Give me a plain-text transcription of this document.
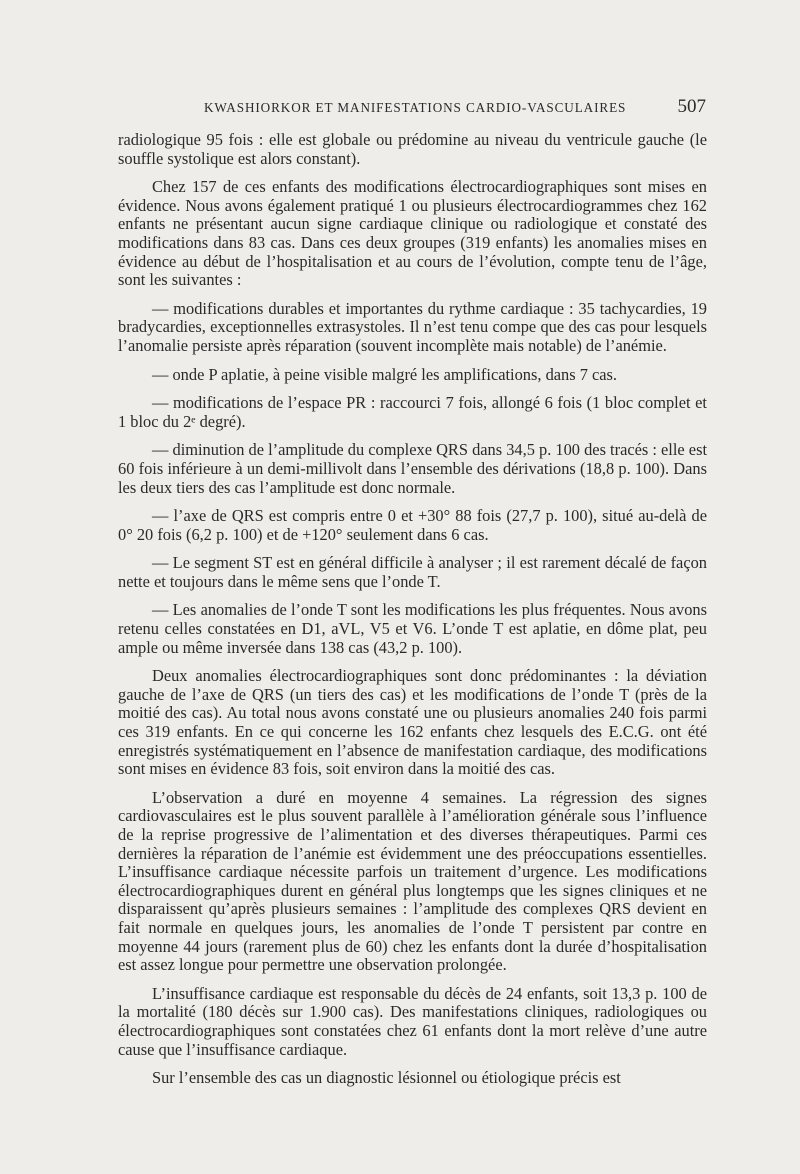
KWASHIORKOR ET MANIFESTATIONS CARDIO-VASCULAIRES	507

radiologique 95 fois : elle est globale ou prédomine au niveau du ventricule gauche (le souffle systolique est alors constant).

Chez 157 de ces enfants des modifications électrocardiographiques sont mises en évidence. Nous avons également pratiqué 1 ou plusieurs électrocardiogrammes chez 162 enfants ne présentant aucun signe cardiaque clinique ou radiologique et constaté des modifications dans 83 cas. Dans ces deux groupes (319 enfants) les anomalies mises en évidence au début de l’hospitalisation et au cours de l’évolution, compte tenu de l’âge, sont les suivantes :

— modifications durables et importantes du rythme cardiaque : 35 tachycardies, 19 bradycardies, exceptionnelles extrasystoles. Il n’est tenu compe que des cas pour lesquels l’anomalie persiste après réparation (souvent incomplète mais notable) de l’anémie.

— onde P aplatie, à peine visible malgré les amplifications, dans 7 cas.

— modifications de l’espace PR : raccourci 7 fois, allongé 6 fois (1 bloc complet et 1 bloc du 2ᵉ degré).

— diminution de l’amplitude du complexe QRS dans 34,5 p. 100 des tracés : elle est 60 fois inférieure à un demi-millivolt dans l’ensemble des dérivations (18,8 p. 100). Dans les deux tiers des cas l’amplitude est donc normale.

— l’axe de QRS est compris entre 0 et +30° 88 fois (27,7 p. 100), situé au-delà de 0° 20 fois (6,2 p. 100) et de +120° seulement dans 6 cas.

— Le segment ST est en général difficile à analyser ; il est rarement décalé de façon nette et toujours dans le même sens que l’onde T.

— Les anomalies de l’onde T sont les modifications les plus fréquentes. Nous avons retenu celles constatées en D1, aVL, V5 et V6. L’onde T est aplatie, en dôme plat, peu ample ou même inversée dans 138 cas (43,2 p. 100).

Deux anomalies électrocardiographiques sont donc prédominantes : la déviation gauche de l’axe de QRS (un tiers des cas) et les modifications de l’onde T (près de la moitié des cas). Au total nous avons constaté une ou plusieurs anomalies 240 fois parmi ces 319 enfants. En ce qui concerne les 162 enfants chez lesquels des E.C.G. ont été enregistrés systématiquement en l’absence de manifestation cardiaque, des modifications sont mises en évidence 83 fois, soit environ dans la moitié des cas.

L’observation a duré en moyenne 4 semaines. La régression des signes cardiovasculaires est le plus souvent parallèle à l’amélioration générale sous l’influence de la reprise progressive de l’alimentation et des diverses thérapeutiques. Parmi ces dernières la réparation de l’anémie est évidemment une des préoccupations essentielles. L’insuffisance cardiaque nécessite parfois un traitement d’urgence. Les modifications électrocardiographiques durent en général plus longtemps que les signes cliniques et ne disparaissent qu’après plusieurs semaines : l’amplitude des complexes QRS devient en fait normale en quelques jours, les anomalies de l’onde T persistent par contre en moyenne 44 jours (rarement plus de 60) chez les enfants dont la durée d’hospitalisation est assez longue pour permettre une observation prolongée.

L’insuffisance cardiaque est responsable du décès de 24 enfants, soit 13,3 p. 100 de la mortalité (180 décès sur 1.900 cas). Des manifestations cliniques, radiologiques ou électrocardiographiques sont constatées chez 61 enfants dont la mort relève d’une autre cause que l’insuffisance cardiaque.

Sur l’ensemble des cas un diagnostic lésionnel ou étiologique précis est
